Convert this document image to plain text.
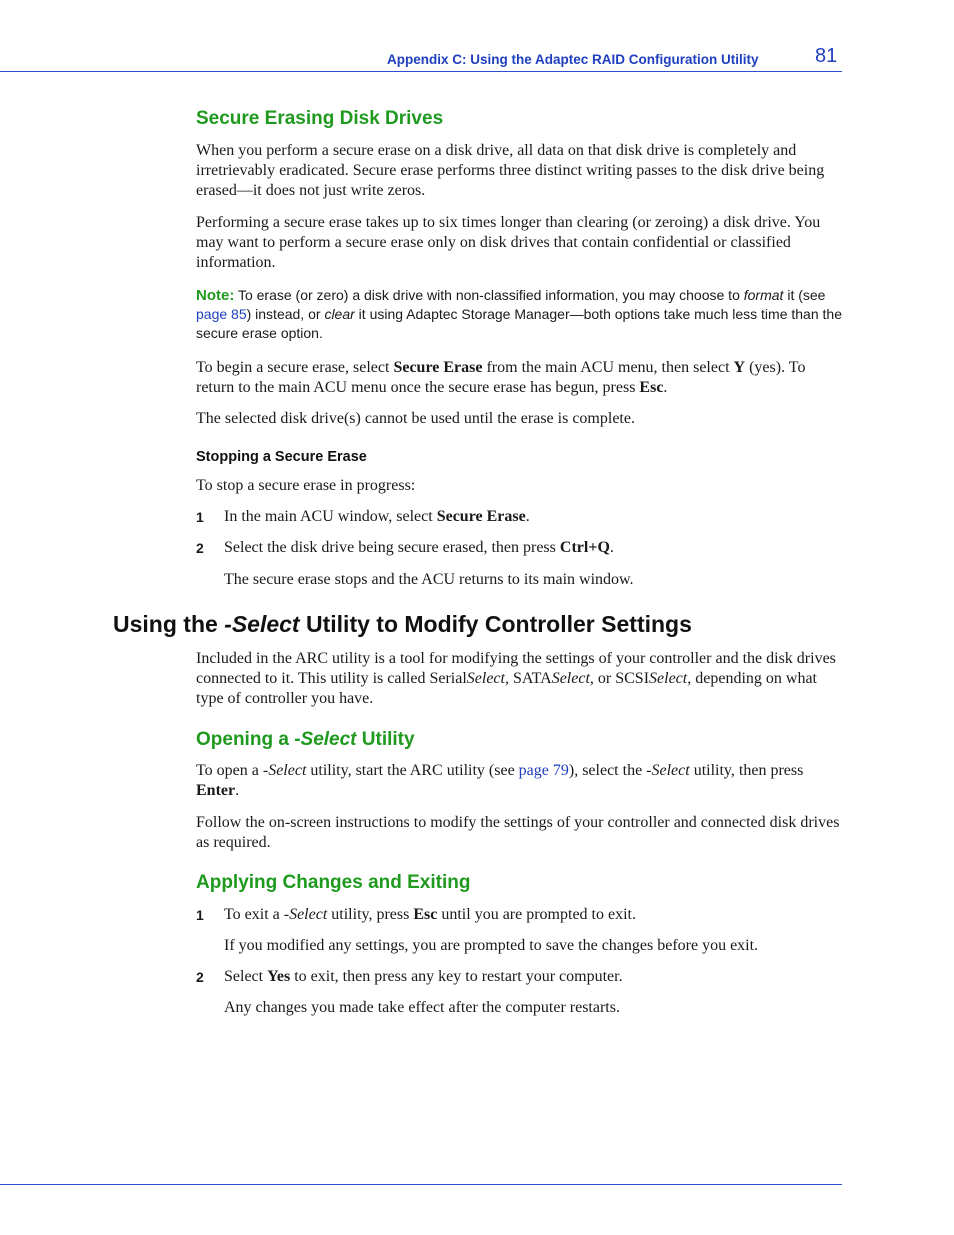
Appendix C: Using the Adaptec RAID Configuration Utility	81
Secure Erasing Disk Drives

When you perform a secure erase on a disk drive, all data on that disk drive is completely and irretrievably eradicated. Secure erase performs three distinct writing passes to the disk drive being erased—it does not just write zeros.

Performing a secure erase takes up to six times longer than clearing (or zeroing) a disk drive. You may want to perform a secure erase only on disk drives that contain confidential or classified information.

Note: To erase (or zero) a disk drive with non-classified information, you may choose to format it (see page 85) instead, or clear it using Adaptec Storage Manager—both options take much less time than the secure erase option.

To begin a secure erase, select Secure Erase from the main ACU menu, then select Y (yes). To return to the main ACU menu once the secure erase has begun, press Esc.

The selected disk drive(s) cannot be used until the erase is complete.

Stopping a Secure Erase

To stop a secure erase in progress:

1 In the main ACU window, select Secure Erase.
2 Select the disk drive being secure erased, then press Ctrl+Q.
The secure erase stops and the ACU returns to its main window.

Included in the ARC utility is a tool for modifying the settings of your controller and the disk drives connected to it. This utility is called SerialSelect, SATASelect, or SCSISelect, depending on what type of controller you have.

Opening a -Select Utility

To open a -Select utility, start the ARC utility (see page 79), select the -Select utility, then press Enter.

Follow the on-screen instructions to modify the settings of your controller and connected disk drives as required.

Applying Changes and Exiting
1 To exit a -Select utility, press Esc until you are prompted to exit.
If you modified any settings, you are prompted to save the changes before you exit.
2 Select Yes to exit, then press any key to restart your computer.
Any changes you made take effect after the computer restarts.
Using the -Select Utility to Modify Controller Settings
